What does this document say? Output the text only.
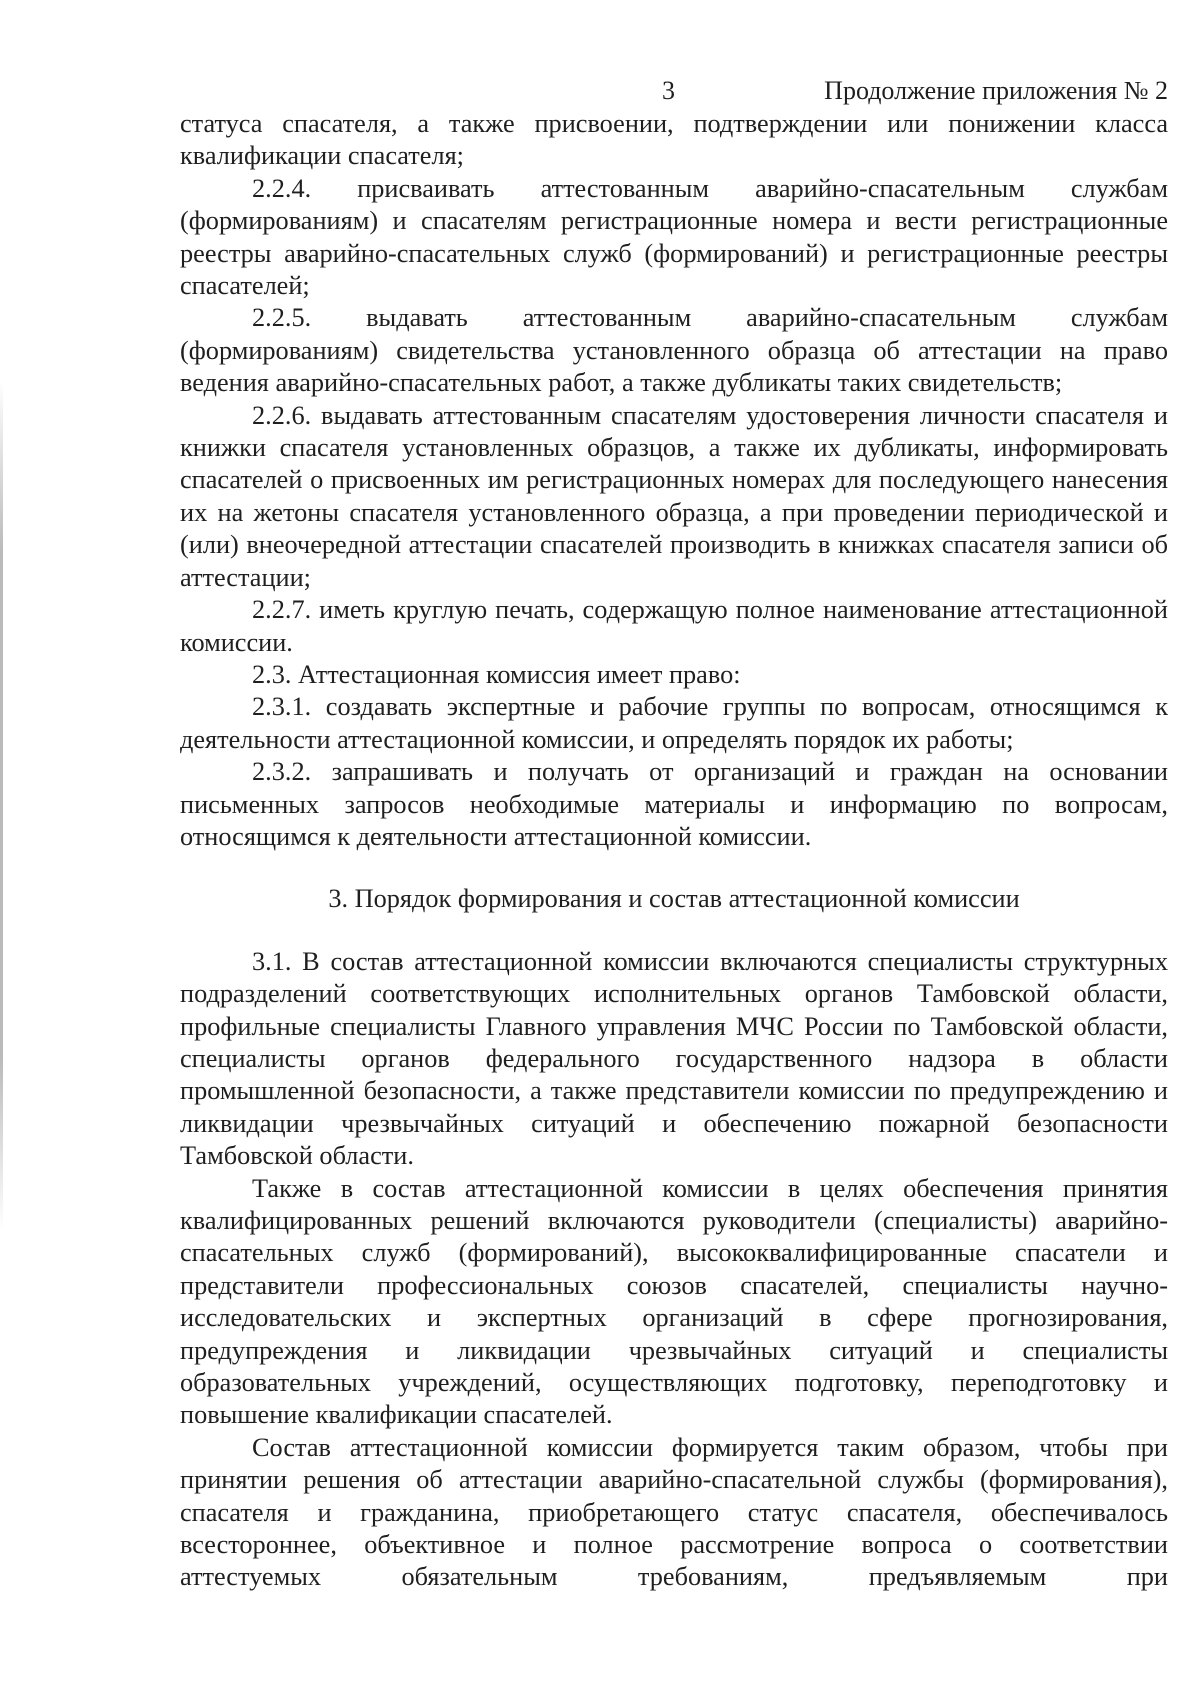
3	Продолжение приложения № 2

статуса спасателя, а также присвоении, подтверждении или понижении класса квалификации спасателя;

2.2.4. присваивать аттестованным аварийно-спасательным службам (формированиям) и спасателям регистрационные номера и вести регистрационные реестры аварийно-спасательных служб (формирований) и регистрационные реестры спасателей;

2.2.5. выдавать аттестованным аварийно-спасательным службам (формированиям) свидетельства установленного образца об аттестации на право ведения аварийно-спасательных работ, а также дубликаты таких свидетельств;

2.2.6. выдавать аттестованным спасателям удостоверения личности спасателя и книжки спасателя установленных образцов, а также их дубликаты, информировать спасателей о присвоенных им регистрационных номерах для последующего нанесения их на жетоны спасателя установленного образца, а при проведении периодической и (или) внеочередной аттестации спасателей производить в книжках спасателя записи об аттестации;

2.2.7. иметь круглую печать, содержащую полное наименование аттестационной комиссии.

2.3. Аттестационная комиссия имеет право:

2.3.1. создавать экспертные и рабочие группы по вопросам, относящимся к деятельности аттестационной комиссии, и определять порядок их работы;

2.3.2. запрашивать и получать от организаций и граждан на основании письменных запросов необходимые материалы и информацию по вопросам, относящимся к деятельности аттестационной комиссии.

3. Порядок формирования и состав аттестационной комиссии

3.1. В состав аттестационной комиссии включаются специалисты структурных подразделений соответствующих исполнительных органов Тамбовской области, профильные специалисты Главного управления МЧС России по Тамбовской области, специалисты органов федерального государственного надзора в области промышленной безопасности, а также представители комиссии по предупреждению и ликвидации чрезвычайных ситуаций и обеспечению пожарной безопасности Тамбовской области.

Также в состав аттестационной комиссии в целях обеспечения принятия квалифицированных решений включаются руководители (специалисты) аварийно-спасательных служб (формирований), высококвалифицированные спасатели и представители профессиональных союзов спасателей, специалисты научно-исследовательских и экспертных организаций в сфере прогнозирования, предупреждения и ликвидации чрезвычайных ситуаций и специалисты образовательных учреждений, осуществляющих подготовку, переподготовку и повышение квалификации спасателей.

Состав аттестационной комиссии формируется таким образом, чтобы при принятии решения об аттестации аварийно-спасательной службы (формирования), спасателя и гражданина, приобретающего статус спасателя, обеспечивалось всестороннее, объективное и полное рассмотрение вопроса о соответствии аттестуемых обязательным требованиям, предъявляемым при
